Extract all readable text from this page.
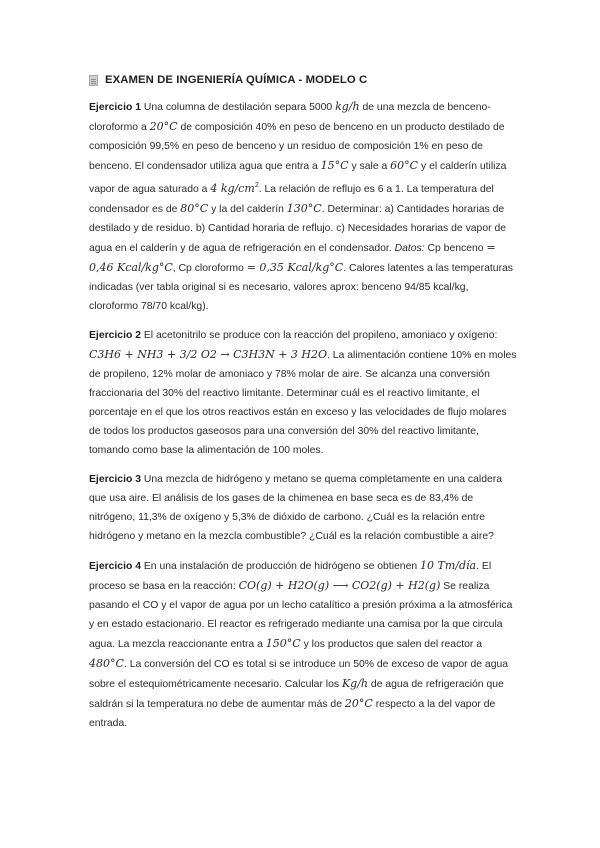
EXAMEN DE INGENIERÍA QUÍMICA - MODELO C

Ejercicio 1 Una columna de destilación separa 5000 kg/h de una mezcla de benceno-cloroformo a 20°C de composición 40% en peso de benceno en un producto destilado de composición 99,5% en peso de benceno y un residuo de composición 1% en peso de benceno. El condensador utiliza agua que entra a 15°C y sale a 60°C y el calderín utiliza vapor de agua saturado a 4 $kg/cm^2$. La relación de reflujo es 6 a 1. La temperatura del condensador es de 80°C y la del calderín 130°C. Determinar: a) Cantidades horarias de destilado y de residuo. b) Cantidad horaria de reflujo. c) Necesidades horarias de vapor de agua en el calderín y de agua de refrigeración en el condensador. Datos: Cp benceno = 0,46 Kcal/kg°C, Cp cloroformo = 0,35 Kcal/kg°C. Calores latentes a las temperaturas indicadas (ver tabla original si es necesario, valores aprox: benceno 94/85 kcal/kg, cloroformo 78/70 kcal/kg).

Ejercicio 2 El acetonitrilo se produce con la reacción del propileno, amoniaco y oxígeno: C3H6 + NH3 + 3/2 O2 → C3H3N + 3 H2O. La alimentación contiene 10% en moles de propileno, 12% molar de amoniaco y 78% molar de aire. Se alcanza una conversión fraccionaria del 30% del reactivo limitante. Determinar cuál es el reactivo limitante, el porcentaje en el que los otros reactivos están en exceso y las velocidades de flujo molares de todos los productos gaseosos para una conversión del 30% del reactivo limitante, tomando como base la alimentación de 100 moles.

Ejercicio 3 Una mezcla de hidrógeno y metano se quema completamente en una caldera que usa aire. El análisis de los gases de la chimenea en base seca es de 83,4% de nitrógeno, 11,3% de oxígeno y 5,3% de dióxido de carbono. ¿Cuál es la relación entre hidrógeno y metano en la mezcla combustible? ¿Cuál es la relación combustible a aire?

Ejercicio 4 En una instalación de producción de hidrógeno se obtienen 10 Tm/día. El proceso se basa en la reacción: CO(g) + H2O(g) ⟶ CO2(g) + H2(g) Se realiza pasando el CO y el vapor de agua por un lecho catalítico a presión próxima a la atmosférica y en estado estacionario. El reactor es refrigerado mediante una camisa por la que circula agua. La mezcla reaccionante entra a 150°C y los productos que salen del reactor a 480°C. La conversión del CO es total si se introduce un 50% de exceso de vapor de agua sobre el estequiométricamente necesario. Calcular los Kg/h de agua de refrigeración que saldrán si la temperatura no debe de aumentar más de 20°C respecto a la del vapor de entrada.
